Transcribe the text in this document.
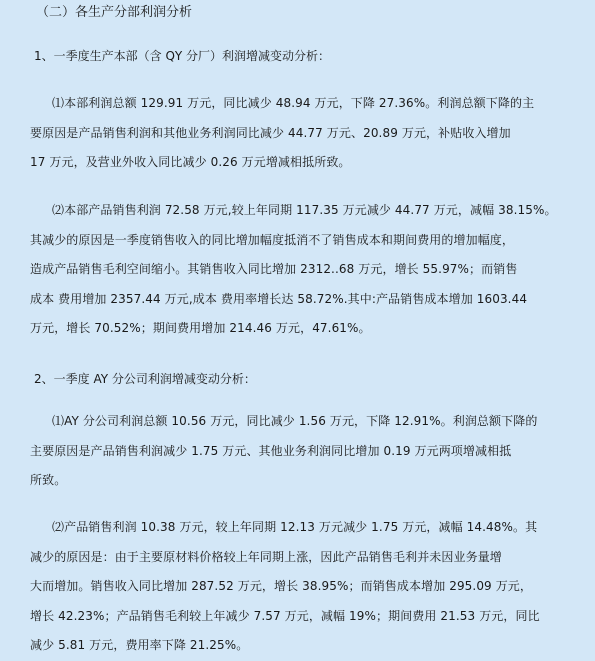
（二）各生产分部利润分析
1、一季度生产本部（含 QY 分厂）利润增减变动分析：
⑴本部利润总额 129.91 万元，同比减少 48.94 万元，下降 27.36%。利润总额下降的主
要原因是产品销售利润和其他业务利润同比减少 44.77 万元、20.89 万元，补贴收入增加
17 万元，及营业外收入同比减少 0.26 万元增减相抵所致。
⑵本部产品销售利润 72.58 万元,较上年同期 117.35 万元减少 44.77 万元，减幅 38.15%。
其减少的原因是一季度销售收入的同比增加幅度抵消不了销售成本和期间费用的增加幅度，
造成产品销售毛利空间缩小。其销售收入同比增加 2312..68 万元，增长 55.97%；而销售
成本 费用增加 2357.44 万元,成本 费用率增长达 58.72%.其中:产品销售成本增加 1603.44
万元，增长 70.52%；期间费用增加 214.46 万元，47.61%。
2、一季度 AY 分公司利润增减变动分析：
⑴AY 分公司利润总额 10.56 万元，同比减少 1.56 万元，下降 12.91%。利润总额下降的
主要原因是产品销售利润减少 1.75 万元、其他业务利润同比增加 0.19 万元两项增减相抵
所致。
⑵产品销售利润 10.38 万元，较上年同期 12.13 万元减少 1.75 万元，减幅 14.48%。其
减少的原因是：由于主要原材料价格较上年同期上涨，因此产品销售毛利并未因业务量增
大而增加。销售收入同比增加 287.52 万元，增长 38.95%；而销售成本增加 295.09 万元，
增长 42.23%；产品销售毛利较上年减少 7.57 万元，减幅 19%；期间费用 21.53 万元，同比
减少 5.81 万元，费用率下降 21.25%。
